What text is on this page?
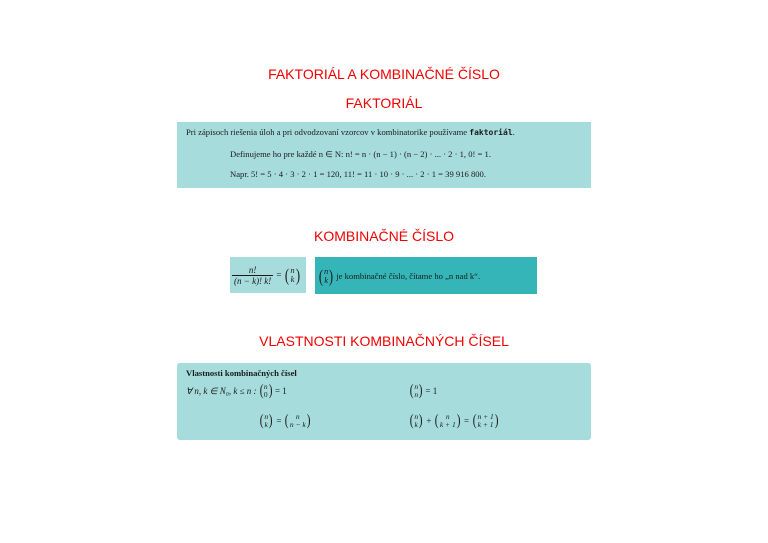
FAKTORIÁL A KOMBINAČNÉ ČÍSLO
FAKTORIÁL
Pri zápisoch riešenia úloh a pri odvodzovaní vzorcov v kombinatorike používame faktoriál.
Definujeme ho pre každé n ∈ N: n! = n · (n − 1) · (n − 2) · ... · 2 · 1, 0! = 1.
Napr. 5! = 5 · 4 · 3 · 2 · 1 = 120, 11! = 11 · 10 · 9 · ... · 2 · 1 = 39 916 800.
KOMBINAČNÉ ČÍSLO
$\frac{n!}{(n - k)! k!}$ = ( n
k ) ( n
k ) je kombinačné číslo, čítame ho „n nad k“.
VLASTNOSTI KOMBINAČNÝCH ČÍSEL
Vlastnosti kombinačných čísel
∀ n, k ∈ N₀, k ≤ n : ( n
0 ) = 1	( n
n ) = 1
( n
k ) = ( n
n − k )	( n
k ) + ( n
k + 1 ) = ( n + 1
k + 1 )
